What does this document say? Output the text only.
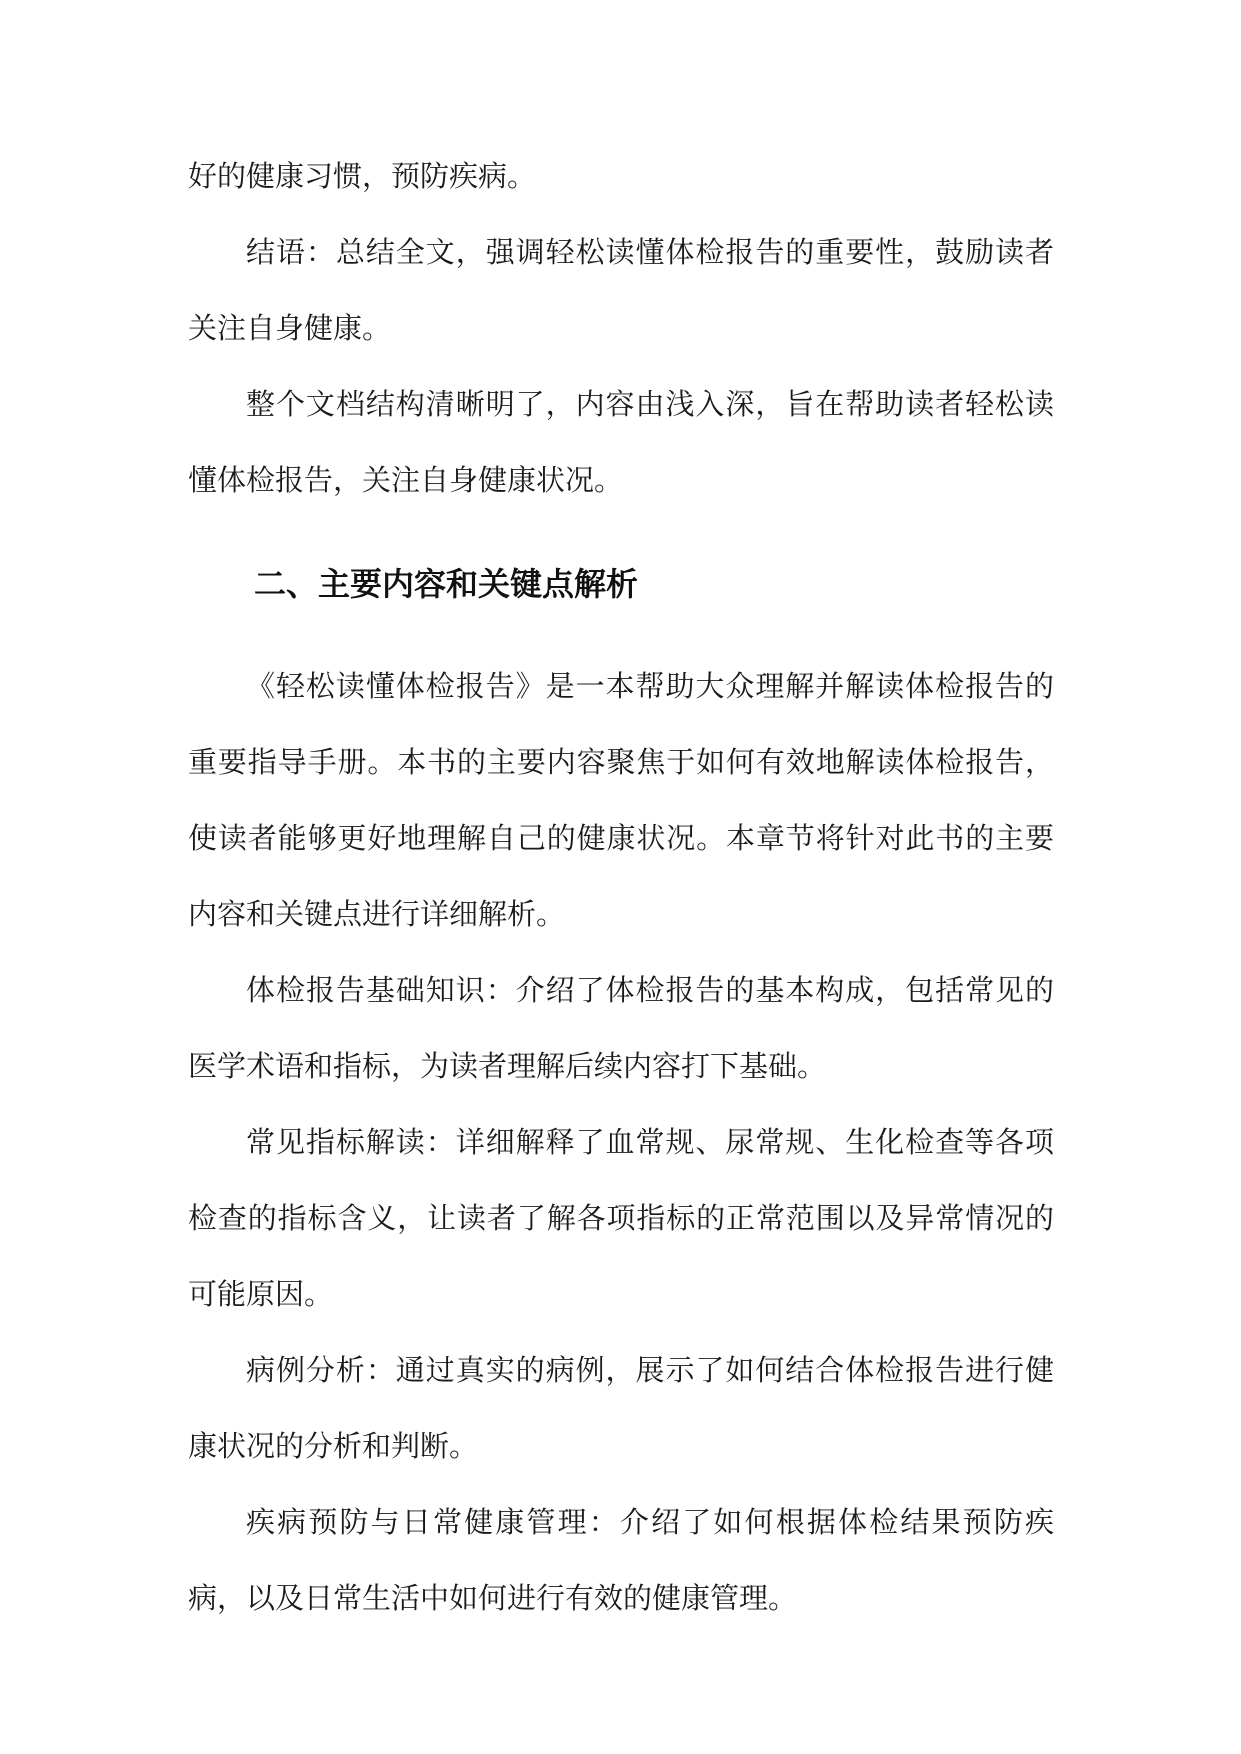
好的健康习惯，预防疾病。

结语：总结全文，强调轻松读懂体检报告的重要性，鼓励读者关注自身健康。

整个文档结构清晰明了，内容由浅入深，旨在帮助读者轻松读懂体检报告，关注自身健康状况。

二、主要内容和关键点解析

《轻松读懂体检报告》是一本帮助大众理解并解读体检报告的重要指导手册。本书的主要内容聚焦于如何有效地解读体检报告，使读者能够更好地理解自己的健康状况。本章节将针对此书的主要内容和关键点进行详细解析。

体检报告基础知识：介绍了体检报告的基本构成，包括常见的医学术语和指标，为读者理解后续内容打下基础。

常见指标解读：详细解释了血常规、尿常规、生化检查等各项检查的指标含义，让读者了解各项指标的正常范围以及异常情况的可能原因。

病例分析：通过真实的病例，展示了如何结合体检报告进行健康状况的分析和判断。

疾病预防与日常健康管理：介绍了如何根据体检结果预防疾病，以及日常生活中如何进行有效的健康管理。
